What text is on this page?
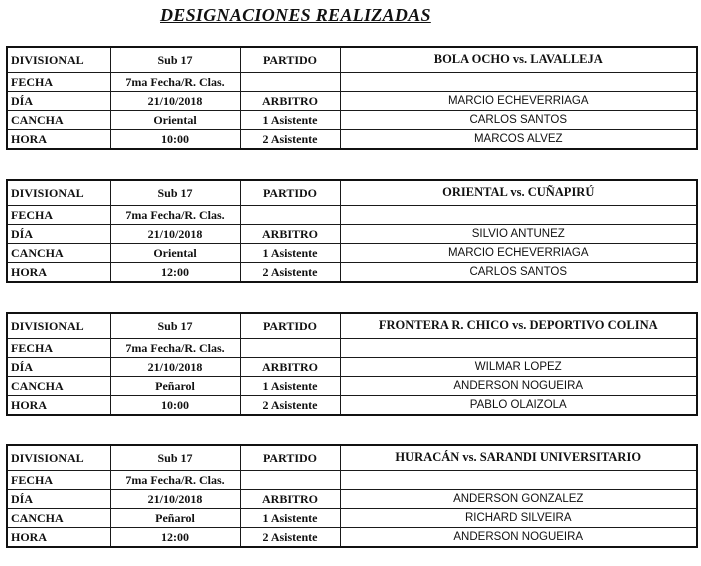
DESIGNACIONES REALIZADAS
DIVISIONAL	Sub 17	PARTIDO	BOLA OCHO vs. LAVALLEJA
FECHA	7ma Fecha/R. Clas.		
DÍA	21/10/2018	ARBITRO	MARCIO ECHEVERRIAGA
CANCHA	Oriental	1 Asistente	CARLOS SANTOS
HORA	10:00	2 Asistente	MARCOS ALVEZ
DIVISIONAL	Sub 17	PARTIDO	ORIENTAL vs. CUÑAPIRÚ
FECHA	7ma Fecha/R. Clas.		
DÍA	21/10/2018	ARBITRO	SILVIO ANTUNEZ
CANCHA	Oriental	1 Asistente	MARCIO ECHEVERRIAGA
HORA	12:00	2 Asistente	CARLOS SANTOS
DIVISIONAL	Sub 17	PARTIDO	FRONTERA R. CHICO vs. DEPORTIVO COLINA
FECHA	7ma Fecha/R. Clas.		
DÍA	21/10/2018	ARBITRO	WILMAR LOPEZ
CANCHA	Peñarol	1 Asistente	ANDERSON NOGUEIRA
HORA	10:00	2 Asistente	PABLO OLAIZOLA
DIVISIONAL	Sub 17	PARTIDO	HURACÁN vs. SARANDI UNIVERSITARIO
FECHA	7ma Fecha/R. Clas.		
DÍA	21/10/2018	ARBITRO	ANDERSON GONZALEZ
CANCHA	Peñarol	1 Asistente	RICHARD SILVEIRA
HORA	12:00	2 Asistente	ANDERSON NOGUEIRA
